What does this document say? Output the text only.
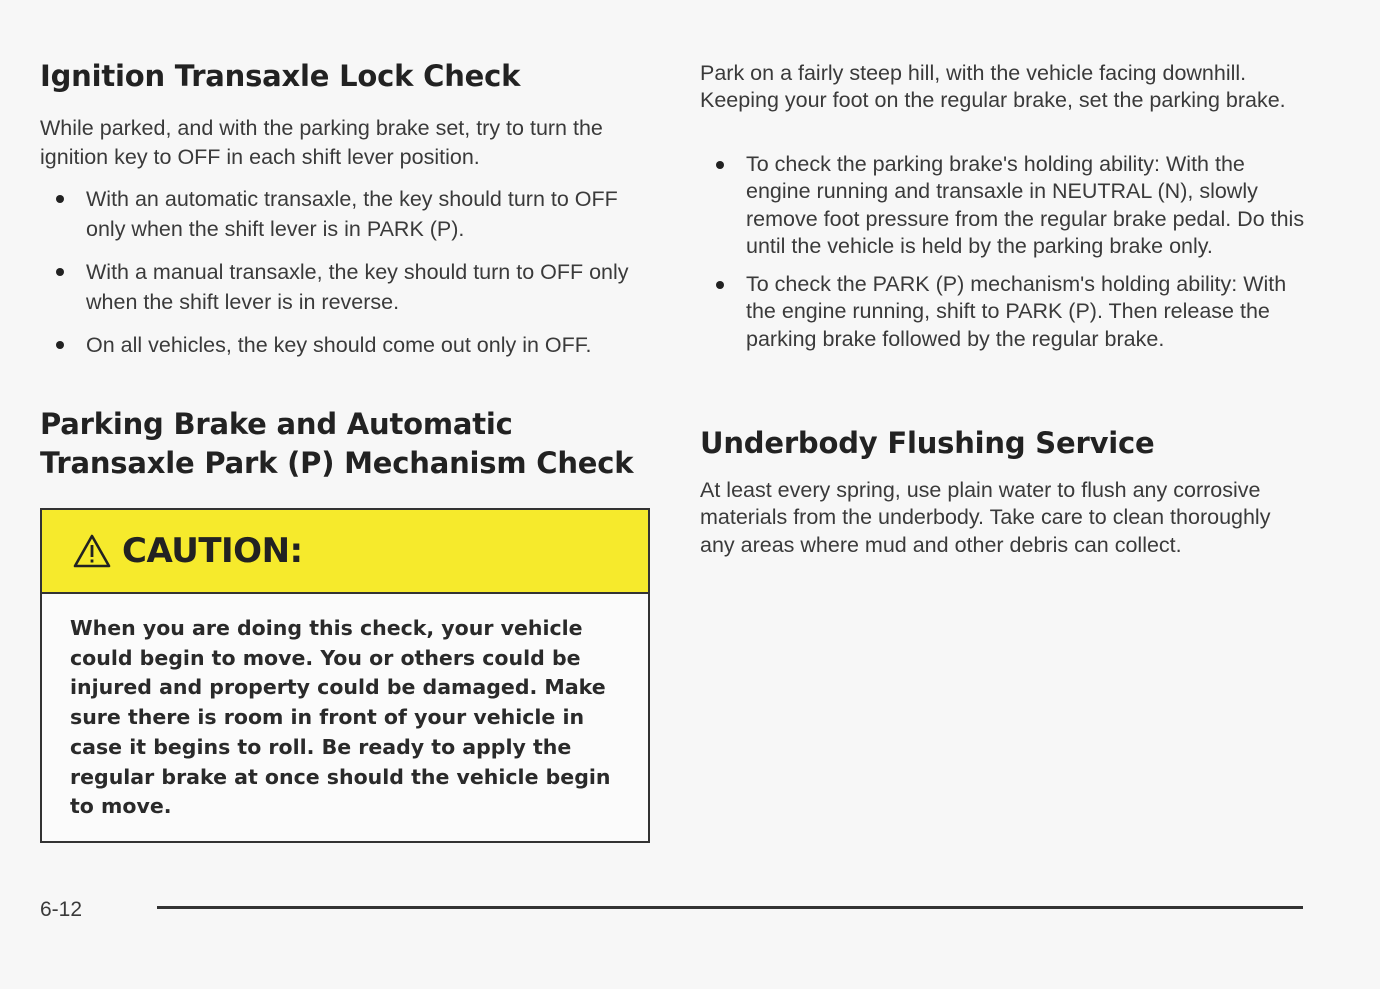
Ignition Transaxle Lock Check

While parked, and with the parking brake set, try to turn the ignition key to OFF in each shift lever position.

With an automatic transaxle, the key should turn to OFF only when the shift lever is in PARK (P).
With a manual transaxle, the key should turn to OFF only when the shift lever is in reverse.
On all vehicles, the key should come out only in OFF.
Parking Brake and Automatic Transaxle Park (P) Mechanism Check
CAUTION:
When you are doing this check, your vehicle could begin to move. You or others could be injured and property could be damaged. Make sure there is room in front of your vehicle in case it begins to roll. Be ready to apply the regular brake at once should the vehicle begin to move.

Park on a fairly steep hill, with the vehicle facing downhill. Keeping your foot on the regular brake, set the parking brake.

To check the parking brake's holding ability: With the engine running and transaxle in NEUTRAL (N), slowly remove foot pressure from the regular brake pedal. Do this until the vehicle is held by the parking brake only.
To check the PARK (P) mechanism's holding ability: With the engine running, shift to PARK (P). Then release the parking brake followed by the regular brake.
Underbody Flushing Service

At least every spring, use plain water to flush any corrosive materials from the underbody. Take care to clean thoroughly any areas where mud and other debris can collect.

6-12
